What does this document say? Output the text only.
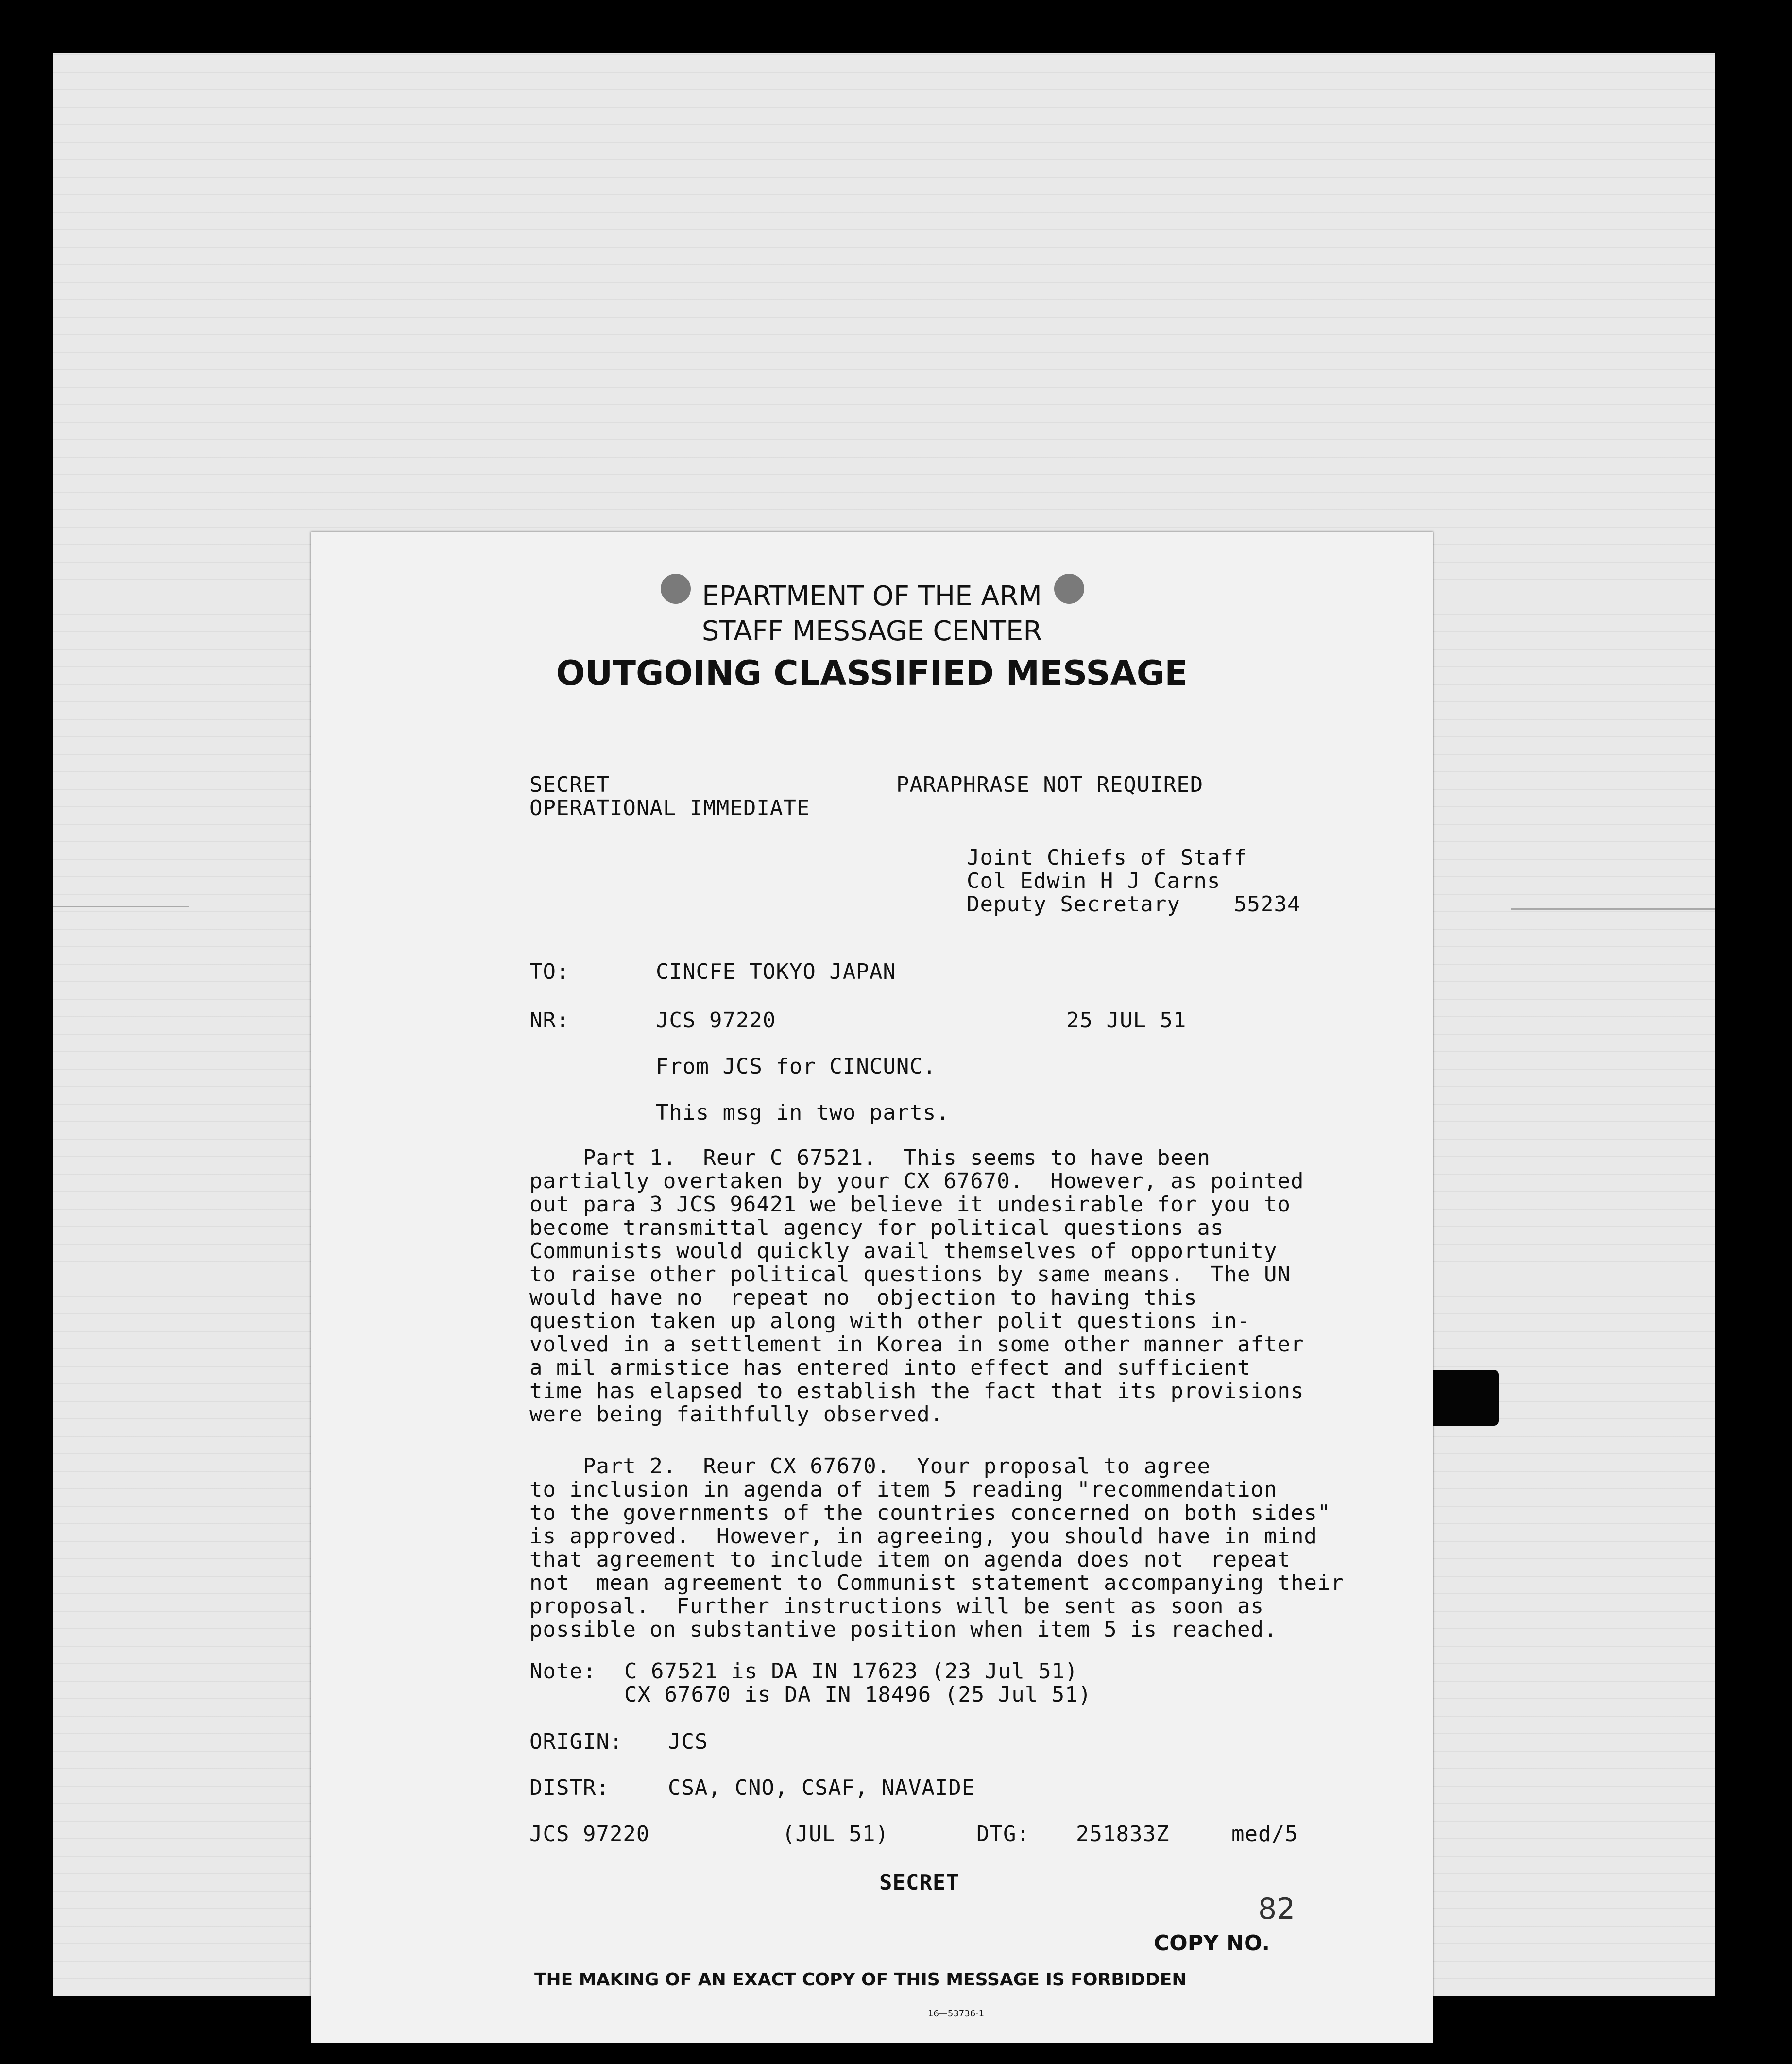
EPARTMENT OF THE ARM
STAFF MESSAGE CENTER
OUTGOING CLASSIFIED MESSAGE
SECRET
OPERATIONAL IMMEDIATE
PARAPHRASE NOT REQUIRED
Joint Chiefs of Staff
Col Edwin H J Carns
Deputy Secretary	55234
TO:	CINCFE TOKYO JAPAN
NR:	JCS 97220	25 JUL 51
From JCS for CINCUNC.
This msg in two parts.
Part 1.  Reur C 67521.  This seems to have been
partially overtaken by your CX 67670.  However, as pointed
out para 3 JCS 96421 we believe it undesirable for you to
become transmittal agency for political questions as
Communists would quickly avail themselves of opportunity
to raise other political questions by same means.  The UN
would have no  repeat no  objection to having this
question taken up along with other polit questions in-
volved in a settlement in Korea in some other manner after
a mil armistice has entered into effect and sufficient
time has elapsed to establish the fact that its provisions
were being faithfully observed.
Part 2.  Reur CX 67670.  Your proposal to agree
to inclusion in agenda of item 5 reading "recommendation
to the governments of the countries concerned on both sides"
is approved.  However, in agreeing, you should have in mind
that agreement to include item on agenda does not  repeat
not  mean agreement to Communist statement accompanying their
proposal.  Further instructions will be sent as soon as
possible on substantive position when item 5 is reached.
Note: C 67521 is DA IN 17623 (23 Jul 51)
CX 67670 is DA IN 18496 (25 Jul 51)
ORIGIN: JCS
DISTR:	CSA, CNO, CSAF, NAVAIDE
JCS 97220	(JUL 51)	DTG: 251833Z	med/5
SECRET
82
COPY NO.
THE MAKING OF AN EXACT COPY OF THIS MESSAGE IS FORBIDDEN
16—53736-1
